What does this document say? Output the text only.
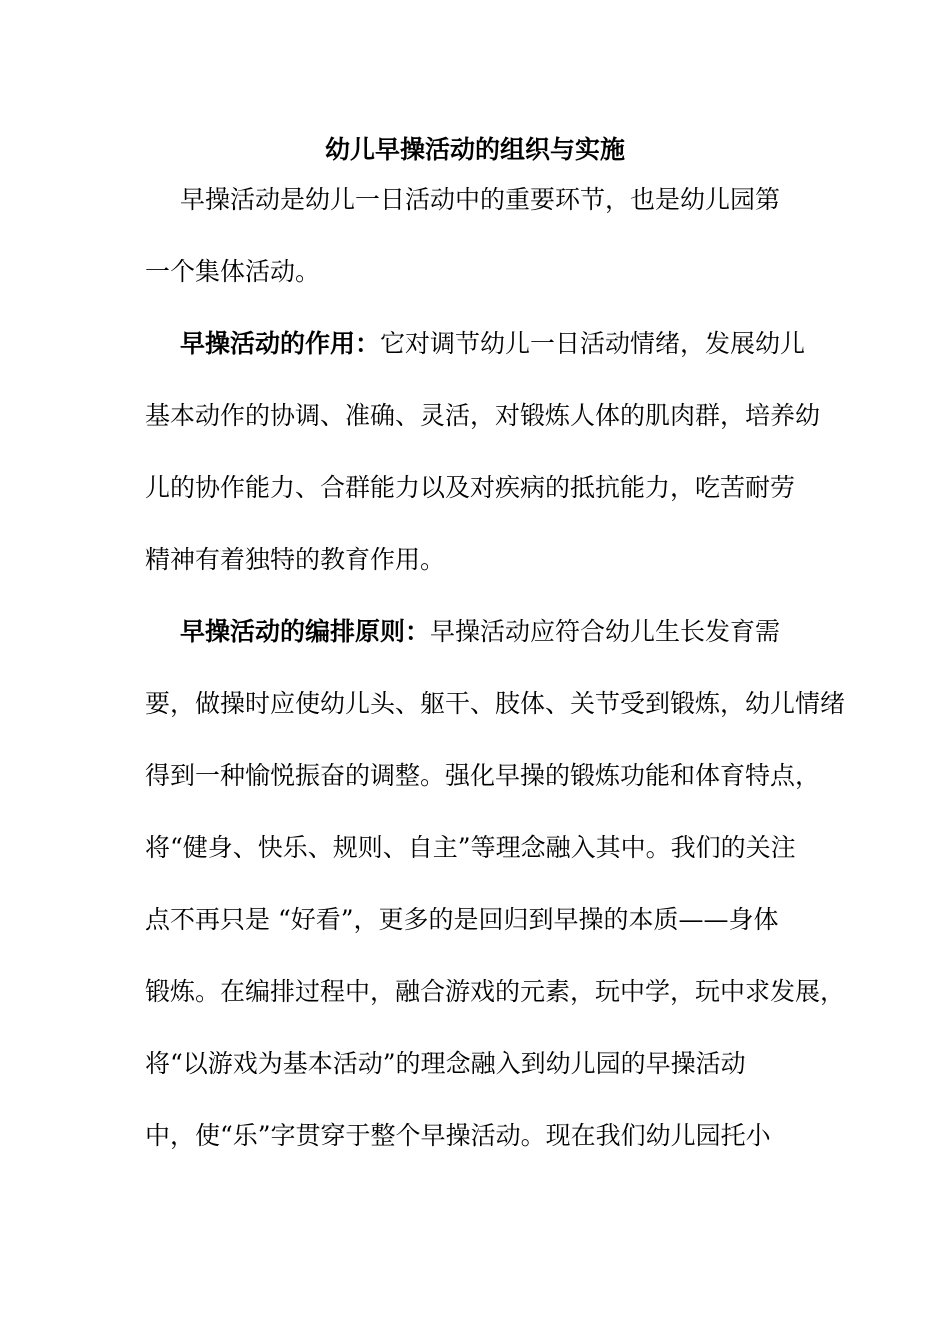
幼儿早操活动的组织与实施
早操活动是幼儿一日活动中的重要环节，也是幼儿园第
一个集体活动。
早操活动的作用：它对调节幼儿一日活动情绪，发展幼儿
基本动作的协调、准确、灵活，对锻炼人体的肌肉群，培养幼
儿的协作能力、合群能力以及对疾病的抵抗能力，吃苦耐劳
精神有着独特的教育作用。
早操活动的编排原则：早操活动应符合幼儿生长发育需
要，做操时应使幼儿头、躯干、肢体、关节受到锻炼，幼儿情绪
得到一种愉悦振奋的调整。强化早操的锻炼功能和体育特点，
将“健身、快乐、规则、自主”等理念融入其中。我们的关注
点不再只是 “好看”，更多的是回归到早操的本质——身体
锻炼。在编排过程中，融合游戏的元素，玩中学，玩中求发展，
将“以游戏为基本活动”的理念融入到幼儿园的早操活动
中，使“乐”字贯穿于整个早操活动。现在我们幼儿园托小
